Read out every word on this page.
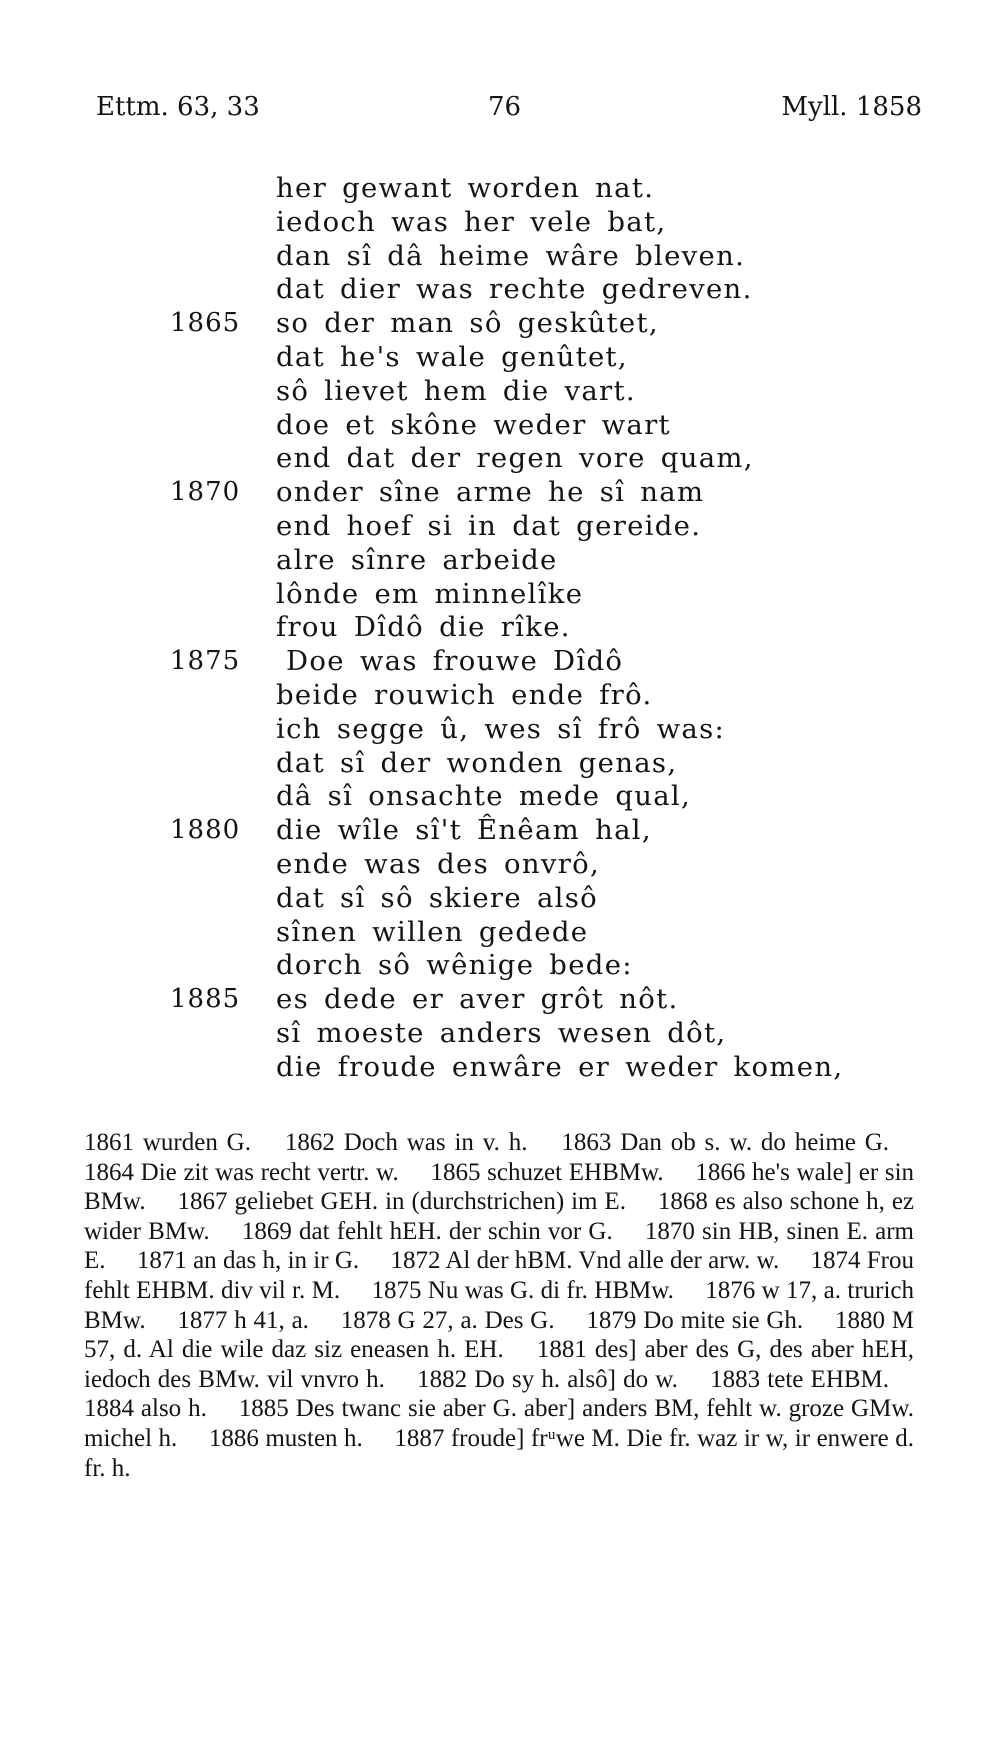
Ettm. 63, 33	76	Myll. 1858
her gewant worden nat.
iedoch was her vele bat,
dan sî dâ heime wâre bleven.
dat dier was rechte gedreven.
1865	so der man sô geskûtet,
dat he's wale genûtet,
sô lievet hem die vart.
doe et skône weder wart
end dat der regen vore quam,
1870	onder sîne arme he sî nam
end hoef si in dat gereide.
alre sînre arbeide
lônde em minnelîke
frou Dîdô die rîke.
1875	Doe was frouwe Dîdô
beide rouwich ende frô.
ich segge û, wes sî frô was:
dat sî der wonden genas,
dâ sî onsachte mede qual,
1880	die wîle sî't Ênêam hal,
ende was des onvrô,
dat sî sô skiere alsô
sînen willen gedede
dorch sô wênige bede:
1885	es dede er aver grôt nôt.
sî moeste anders wesen dôt,
die froude enwâre er weder komen,
1861 wurden G.  1862 Doch was in v. h.  1863 Dan ob s. w. do heime G.  1864 Die zit was recht vertr. w.  1865 schuzet EHBMw.  1866 he's wale] er sin BMw.  1867 geliebet GEH. in (durchstrichen) im E.  1868 es also schone h, ez wider BMw.  1869 dat fehlt hEH. der schin vor G.  1870 sin HB, sinen E. arm E.  1871 an das h, in ir G.  1872 Al der hBM. Vnd alle der arw. w.  1874 Frou fehlt EHBM. div vil r. M.  1875 Nu was G. di fr. HBMw.  1876 w 17, a. trurich BMw.  1877 h 41, a.  1878 G 27, a. Des G.  1879 Do mite sie Gh.  1880 M 57, d. Al die wile daz siz eneasen h. EH.  1881 des] aber des G, des aber hEH, iedoch des BMw. vil vnvro h.  1882 Do sy h. alsô] do w.  1883 tete EHBM.  1884 also h.  1885 Des twanc sie aber G. aber] anders BM, fehlt w. groze GMw. michel h.  1886 musten h.  1887 froude] frᵘwe M. Die fr. waz ir w, ir enwere d. fr. h.
